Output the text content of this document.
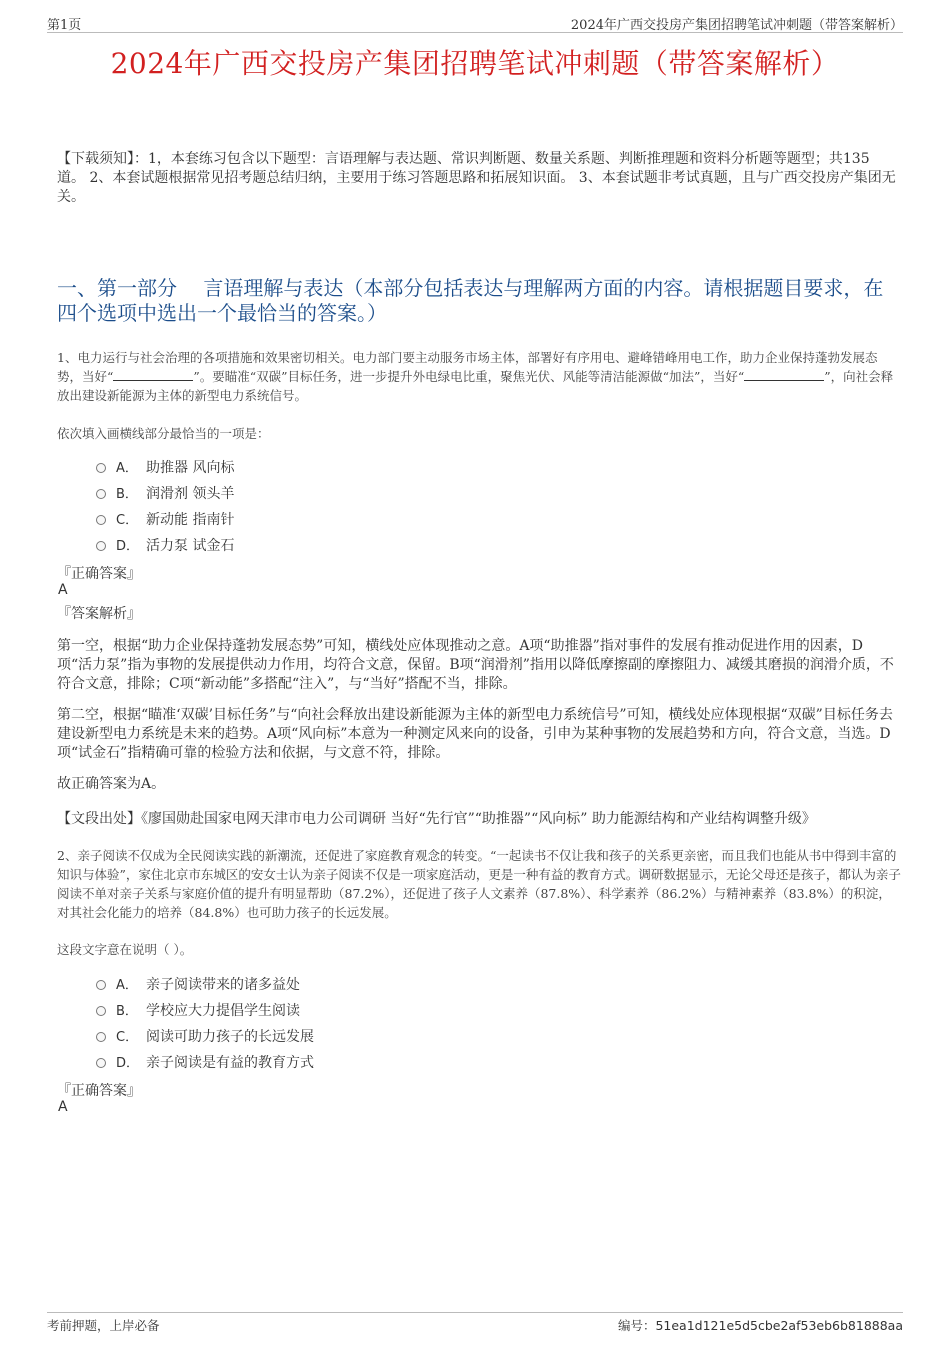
第1页	2024年广西交投房产集团招聘笔试冲刺题（带答案解析）
2024年广西交投房产集团招聘笔试冲刺题（带答案解析）
【下载须知】：1，本套练习包含以下题型：言语理解与表达题、常识判断题、数量关系题、判断推理题和资料分析题等题型；共135道。 2、本套试题根据常见招考题总结归纳，主要用于练习答题思路和拓展知识面。 3、本套试题非考试真题，且与广西交投房产集团无关。
一、第一部分　 言语理解与表达（本部分包括表达与理解两方面的内容。请根据题目要求，在四个选项中选出一个最恰当的答案。）
1、电力运行与社会治理的各项措施和效果密切相关。电力部门要主动服务市场主体，部署好有序用电、避峰错峰用电工作，助力企业保持蓬勃发展态势，当好“	”。要瞄准“双碳”目标任务，进一步提升外电绿电比重，聚焦光伏、风能等清洁能源做“加法”，当好“	”，向社会释放出建设新能源为主体的新型电力系统信号。
依次填入画横线部分最恰当的一项是：
A． 助推器 风向标
B． 润滑剂 领头羊
C． 新动能 指南针
D． 活力泵 试金石
『正确答案』
A
『答案解析』
第一空，根据“助力企业保持蓬勃发展态势”可知，横线处应体现推动之意。A项“助推器”指对事件的发展有推动促进作用的因素，D项“活力泵”指为事物的发展提供动力作用，均符合文意，保留。B项“润滑剂”指用以降低摩擦副的摩擦阻力、减缓其磨损的润滑介质，不符合文意，排除；C项“新动能”多搭配“注入”，与“当好”搭配不当，排除。
第二空，根据“瞄准‘双碳’目标任务”与“向社会释放出建设新能源为主体的新型电力系统信号”可知，横线处应体现根据“双碳”目标任务去建设新型电力系统是未来的趋势。A项“风向标”本意为一种测定风来向的设备，引申为某种事物的发展趋势和方向，符合文意，当选。D项“试金石”指精确可靠的检验方法和依据，与文意不符，排除。
故正确答案为A。
【文段出处】《廖国勋赴国家电网天津市电力公司调研 当好“先行官”“助推器”“风向标” 助力能源结构和产业结构调整升级》
2、亲子阅读不仅成为全民阅读实践的新潮流，还促进了家庭教育观念的转变。“一起读书不仅让我和孩子的关系更亲密，而且我们也能从书中得到丰富的知识与体验”，家住北京市东城区的安女士认为亲子阅读不仅是一项家庭活动，更是一种有益的教育方式。调研数据显示，无论父母还是孩子，都认为亲子阅读不单对亲子关系与家庭价值的提升有明显帮助（87.2%），还促进了孩子人文素养（87.8%）、科学素养（86.2%）与精神素养（83.8%）的积淀，对其社会化能力的培养（84.8%）也可助力孩子的长远发展。
这段文字意在说明（ ）。
A． 亲子阅读带来的诸多益处
B． 学校应大力提倡学生阅读
C． 阅读可助力孩子的长远发展
D． 亲子阅读是有益的教育方式
『正确答案』
A
考前押题，上岸必备	编号：51ea1d121e5d5cbe2af53eb6b81888aa
